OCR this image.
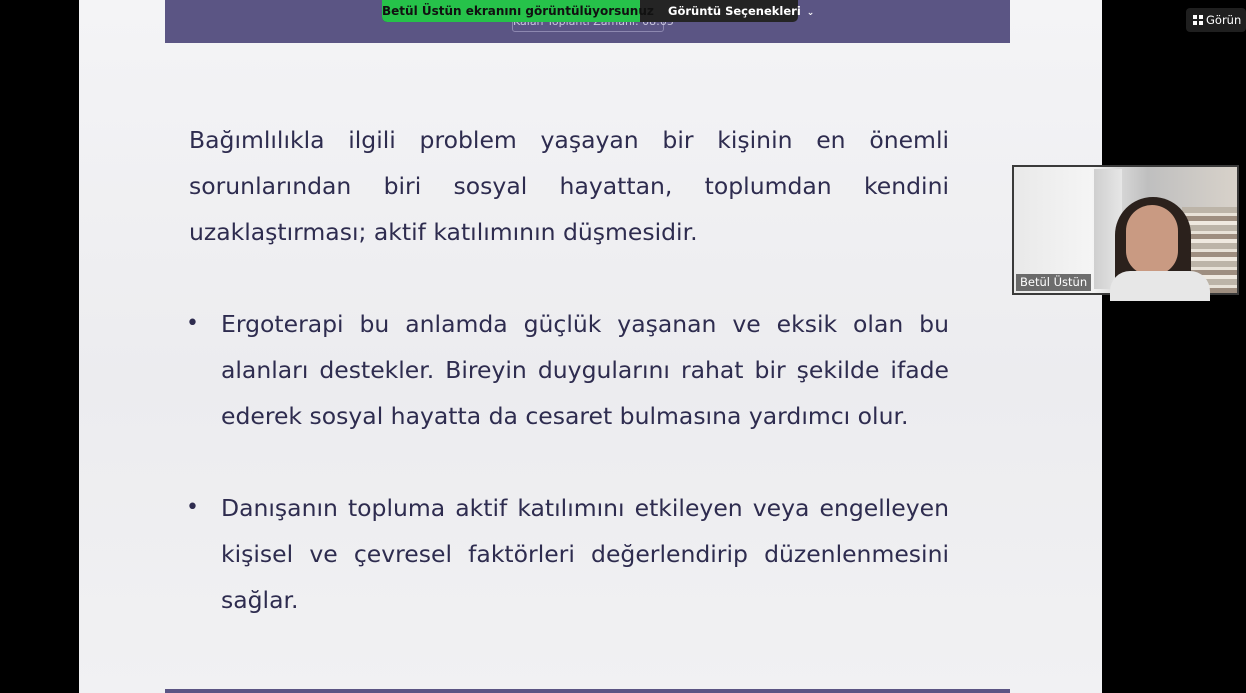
Betül Üstün ekranını görüntülüyorsunuz	Görüntü Seçenekleri ⌄

Bağımlılıkla ilgili problem yaşayan bir kişinin en önemli sorunlarından biri sosyal hayattan, toplumdan kendini uzaklaştırması; aktif katılımının düşmesidir.

• Ergoterapi bu anlamda güçlük yaşanan ve eksik olan bu alanları destekler. Bireyin duygularını rahat bir şekilde ifade ederek sosyal hayatta da cesaret bulmasına yardımcı olur.

• Danışanın topluma aktif katılımını etkileyen veya engelleyen kişisel ve çevresel faktörleri değerlendirip düzenlenmesini sağlar.

Betül Üstün
Görün
